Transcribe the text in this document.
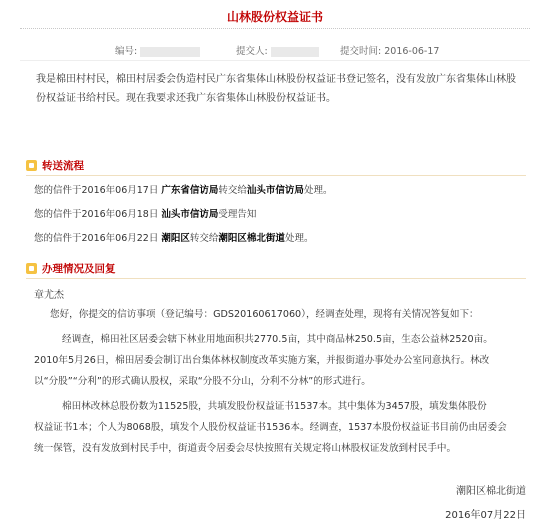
山林股份权益证书
编号:	提交人:	提交时间: 2016-06-17
我是棉田村村民，棉田村居委会伪造村民广东省集体山林股份权益证书登记签名，没有发放广东省集体山林股份权益证书给村民。现在我要求还我广东省集体山林股份权益证书。
转送流程
您的信件于2016年06月17日 广东省信访局转交给汕头市信访局处理。
您的信件于2016年06月18日 汕头市信访局受理告知
您的信件于2016年06月22日 潮阳区转交给潮阳区棉北街道处理。
办理情况及回复
章尤杰
您好，你提交的信访事项（登记编号：GDS20160617060），经调查处理，现将有关情况答复如下：
经调查，棉田社区居委会辖下林业用地面积共2770.5亩，其中商品林250.5亩，生态公益林2520亩。
2010年5月26日，棉田居委会制订出台集体林权制度改革实施方案，并报街道办事处办公室同意执行。林改
以“分股”“分利”的形式确认股权，采取“分股不分山，分利不分林”的形式进行。
棉田林改林总股份数为11525股，共填发股份权益证书1537本。其中集体为3457股，填发集体股份
权益证书1本；个人为8068股，填发个人股份权益证书1536本。经调查，1537本股份权益证书目前仍由居委会
统一保管，没有发放到村民手中，街道责令居委会尽快按照有关规定将山林股权证发放到村民手中。
潮阳区棉北街道
2016年07月22日
